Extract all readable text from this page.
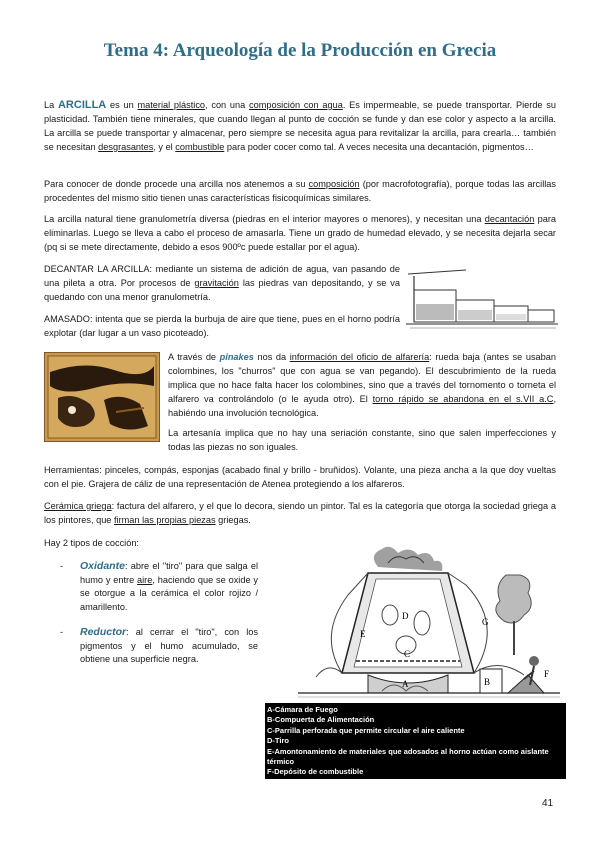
Tema 4: Arqueología de la Producción en Grecia

La ARCILLA es un material plástico, con una composición con agua. Es impermeable, se puede transportar. Pierde su plasticidad. También tiene minerales, que cuando llegan al punto de cocción se funde y dan ese color y aspecto a la arcilla. La arcilla se puede transportar y almacenar, pero siempre se necesita agua para revitalizar la arcilla, para crearla… también se necesitan desgrasantes, y el combustible para poder cocer como tal. A veces necesita una decantación, pigmentos…

Para conocer de donde procede una arcilla nos atenemos a su composición (por macrofotografía), porque todas las arcillas procedentes del mismo sitio tienen unas características fisicoquímicas similares.

La arcilla natural tiene granulometría diversa (piedras en el interior mayores o menores), y necesitan una decantación para eliminarlas. Luego se lleva a cabo el proceso de amasarla. Tiene un grado de humedad elevado, y se necesita dejarla secar (pq si se mete directamente, debido a esos 900ºc puede estallar por el agua).

DECANTAR LA ARCILLA: mediante un sistema de adición de agua, van pasando de una pileta a otra. Por procesos de gravitación las piedras van depositando, y se va quedando con una menor granulometría.

AMASADO: intenta que se pierda la burbuja de aire que tiene, pues en el horno podría explotar (dar lugar a un vaso picoteado).

A través de pinakes nos da información del oficio de alfarería: rueda baja (antes se usaban colombines, los "churros" que con agua se van pegando). El descubrimiento de la rueda implica que no hace falta hacer los colombines, sino que a través del tornomento o torneta el alfarero va controlándolo (o le ayuda otro). El torno rápido se abandona en el s.VII a.C, habiéndo una involución tecnológica.

La artesanía implica que no hay una seriación constante, sino que salen imperfecciones y todas las piezas no son iguales.

Herramientas: pinceles, compás, esponjas (acabado final y brillo - bruñidos). Volante, una pieza ancha a la que doy vueltas con el pie. Grajera de cáliz de una representación de Atenea protegiendo a los alfareros.

Cerámica griega: factura del alfarero, y el que lo decora, siendo un pintor. Tal es la categoría que otorga la sociedad griega a los pintores, que firman las propias piezas griegas.

Hay 2 tipos de cocción:

- Oxidante: abre el "tiro" para que salga el humo y entre aire, haciendo que se oxide y se otorgue a la cerámica el color rojizo / amarillento.
- Reductor: al cerrar el "tiro", con los pigmentos y el humo acumulado, se obtiene una superficie negra.
D
E
C
A	B
F
G
A-Cámara de Fuego
B-Compuerta de Alimentación
C-Parrilla perforada que permite circular el aire caliente
D-Tiro
E-Amontonamiento de materiales que adosados al horno actúan como aislante térmico
F-Depósito de combustible
41
